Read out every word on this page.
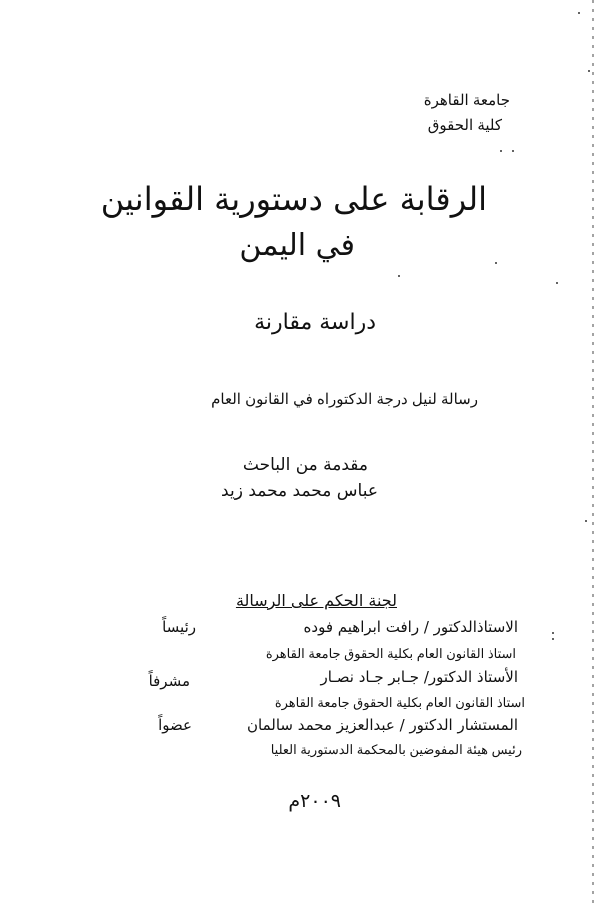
جامعة القاهرة
كلية الحقوق
الرقابة على دستورية القوانين
في اليمن
دراسة مقارنة
رسالة لنيل درجة الدكتوراه في القانون العام
مقدمة من الباحث
عباس محمد محمد زيد
لجنة الحكم على الرسالة
الاستاذالدكتور / رافت ابراهيم فوده
رئيساً
استاذ القانون العام بكلية الحقوق جامعة القاهرة
الأستاذ الدكتور/ جـابر جـاد نصـار
مشرفاً
استاذ القانون العام بكلية الحقوق جامعة القاهرة
المستشار الدكتور / عبدالعزيز محمد سالمان
عضواً
رئيس هيئة المفوضين بالمحكمة الدستورية العليا
٢٠٠٩م
